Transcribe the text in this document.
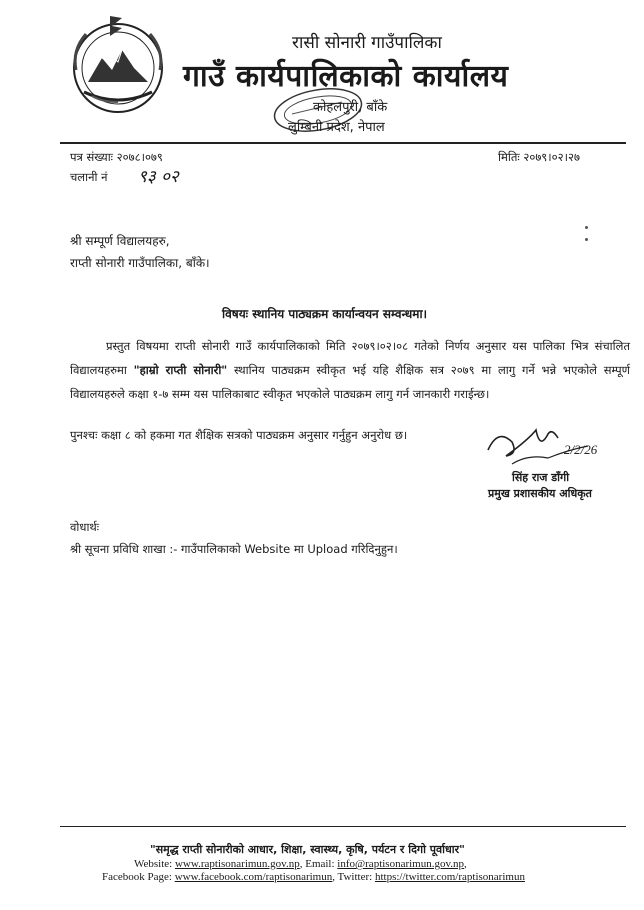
रासी सोनारी गाउँपालिका
गाउँ कार्यपालिकाको कार्यालय
कोहलपुरी, बाँके
लुम्बिनी प्रदेश, नेपाल
पत्र संख्याः २०७८।०७९	मितिः २०७९।०२।२७
चलानी नं ९३ ०२
श्री सम्पूर्ण विद्यालयहरु,
राप्ती सोनारी गाउँपालिका, बाँके।
विषयः स्थानिय पाठ्यक्रम कार्यान्वयन सम्वन्धमा।
प्रस्तुत विषयमा राप्ती सोनारी गाउँ कार्यपालिकाको मिति २०७९।०२।०८ गतेको निर्णय अनुसार यस पालिका भित्र संचालित विद्यालयहरुमा "हाम्रो राप्ती सोनारी" स्थानिय पाठ्यक्रम स्वीकृत भई यहि शैक्षिक सत्र २०७९ मा लागु गर्ने भन्ने भएकोले सम्पूर्ण विद्यालयहरुले कक्षा १-७ सम्म यस पालिकाबाट स्वीकृत भएकोले पाठ्यक्रम लागु गर्न जानकारी गराईन्छ।
पुनश्चः कक्षा ८ को हकमा गत शैक्षिक सत्रको पाठ्यक्रम अनुसार गर्नुहुन अनुरोध छ।
2/2/26
सिंह राज डाँगी
प्रमुख प्रशासकीय अधिकृत
वोधार्थः
श्री सूचना प्रविधि शाखा :- गाउँपालिकाको Website मा Upload गरिदिनुहुन।
"समृद्ध राप्ती सोनारीको आधार, शिक्षा, स्वास्थ्य, कृषि, पर्यटन र दिगो पूर्वाधार"
Website: www.raptisonarimun.gov.np, Email: info@raptisonarimun.gov.np,
Facebook Page: www.facebook.com/raptisonarimun, Twitter: https://twitter.com/raptisonarimun
